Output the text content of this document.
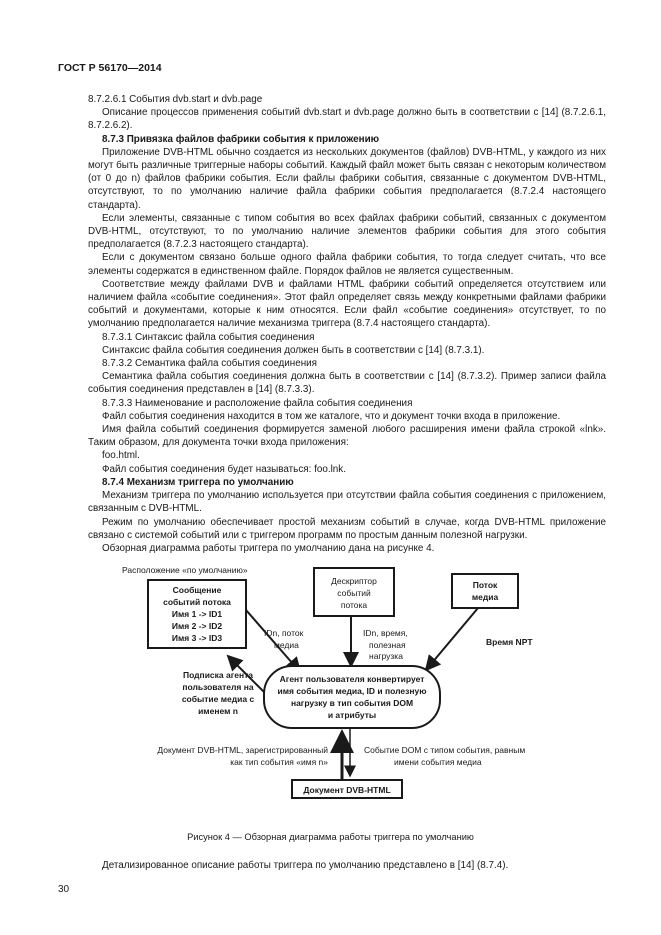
ГОСТ Р 56170—2014

8.7.2.6.1 События dvb.start и dvb.page

Описание процессов применения событий dvb.start и dvb.page должно быть в соответствии с [14] (8.7.2.6.1, 8.7.2.6.2).

8.7.3 Привязка файлов фабрики события к приложению

Приложение DVB-HTML обычно создается из нескольких документов (файлов) DVB-HTML, у каждого из них могут быть различные триггерные наборы событий. Каждый файл может быть связан с некоторым количеством (от 0 до n) файлов фабрики события. Если файлы фабрики события, связанные с документом DVB-HTML, отсутствуют, то по умолчанию наличие файла фабрики события предполагается (8.7.2.4 настоящего стандарта).

Если элементы, связанные с типом события во всех файлах фабрики событий, связанных с документом DVB-HTML, отсутствуют, то по умолчанию наличие элементов фабрики события для этого события предполагается (8.7.2.3 настоящего стандарта).

Если с документом связано больше одного файла фабрики события, то тогда следует считать, что все элементы содержатся в единственном файле. Порядок файлов не является существенным.

Соответствие между файлами DVB и файлами HTML фабрики событий определяется отсутствием или наличием файла «событие соединения». Этот файл определяет связь между конкретными файлами фабрики событий и документами, которые к ним относятся. Если файл «событие соединения» отсутствует, то по умолчанию предполагается наличие механизма триггера (8.7.4 настоящего стандарта).

8.7.3.1 Синтаксис файла события соединения

Синтаксис файла события соединения должен быть в соответствии с [14] (8.7.3.1).

8.7.3.2 Семантика файла события соединения

Семантика файла события соединения должна быть в соответствии с [14] (8.7.3.2). Пример записи файла события соединения представлен в [14] (8.7.3.3).

8.7.3.3 Наименование и расположение файла события соединения

Файл события соединения находится в том же каталоге, что и документ точки входа в приложение.

Имя файла событий соединения формируется заменой любого расширения имени файла строкой «lnk». Таким образом, для документа точки входа приложения:

foo.html.

Файл события соединения будет называться: foo.lnk.

8.7.4 Механизм триггера по умолчанию

Механизм триггера по умолчанию используется при отсутствии файла события соединения с приложением, связанным с DVB-HTML.

Режим по умолчанию обеспечивает простой механизм событий в случае, когда DVB-HTML приложение связано с системой событий или с триггером программ по простым данным полезной нагрузки.

Обзорная диаграмма работы триггера по умолчанию дана на рисунке 4.

Расположение «по умолчанию»
Сообщение
событий потока
Имя 1 -> ID1
Имя 2 -> ID2
Имя 3 -> ID3
Дескриптор
событий
потока
Поток
медиа
IDn, поток
медиа
IDn, время,
полезная
нагрузка
Время NPT
Подписка агента
пользователя на
событие медиа с
именем n
Агент пользователя конвертирует
имя события медиа, ID и полезную
нагрузку в тип события DOM
и атрибуты
Документ DVB-HTML, зарегистрированный
как тип события «имя n»
Событие DOM с типом события, равным
имени события медиа
Документ DVB-HTML
Рисунок 4 — Обзорная диаграмма работы триггера по умолчанию
Детализированное описание работы триггера по умолчанию представлено в [14] (8.7.4).
30
